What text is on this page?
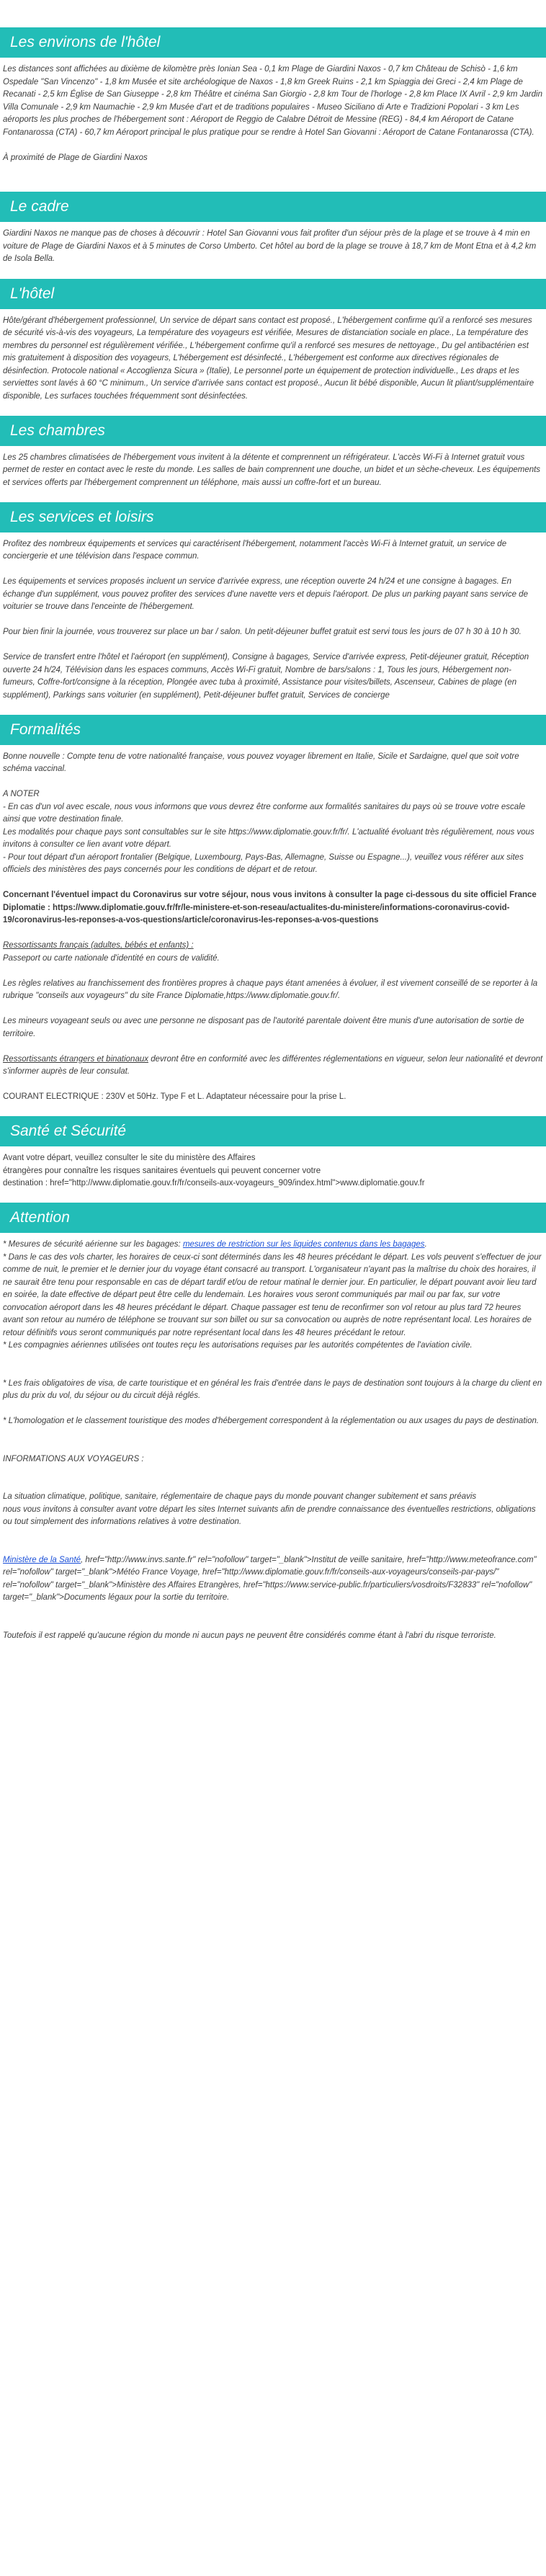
Les environs de l'hôtel

Les distances sont affichées au dixième de kilomètre près Ionian Sea - 0,1 km Plage de Giardini Naxos - 0,7 km Château de Schisò - 1,6 km Ospedale "San Vincenzo" - 1,8 km Musée et site archéologique de Naxos - 1,8 km Greek Ruins - 2,1 km Spiaggia dei Greci - 2,4 km Plage de Recanati - 2,5 km Église de San Giuseppe - 2,8 km Théâtre et cinéma San Giorgio - 2,8 km Tour de l'horloge - 2,8 km Place IX Avril - 2,9 km Jardin Villa Comunale - 2,9 km Naumachie - 2,9 km Musée d'art et de traditions populaires - Museo Siciliano di Arte e Tradizioni Popolari - 3 km Les aéroports les plus proches de l'hébergement sont : Aéroport de Reggio de Calabre Détroit de Messine (REG) - 84,4 km Aéroport de Catane Fontanarossa (CTA) - 60,7 km Aéroport principal le plus pratique pour se rendre à Hotel San Giovanni : Aéroport de Catane Fontanarossa (CTA).

À proximité de Plage de Giardini Naxos

Le cadre

Giardini Naxos ne manque pas de choses à découvrir : Hotel San Giovanni vous fait profiter d'un séjour près de la plage et se trouve à 4 min en voiture de Plage de Giardini Naxos et à 5 minutes de Corso Umberto. Cet hôtel au bord de la plage se trouve à 18,7 km de Mont Etna et à 4,2 km de Isola Bella.

L'hôtel

Hôte/gérant d'hébergement professionnel, Un service de départ sans contact est proposé., L'hébergement confirme qu'il a renforcé ses mesures de sécurité vis-à-vis des voyageurs, La température des voyageurs est vérifiée, Mesures de distanciation sociale en place., La température des membres du personnel est régulièrement vérifiée., L'hébergement confirme qu'il a renforcé ses mesures de nettoyage., Du gel antibactérien est mis gratuitement à disposition des voyageurs, L'hébergement est désinfecté., L'hébergement est conforme aux directives régionales de désinfection. Protocole national « Accoglienza Sicura » (Italie), Le personnel porte un équipement de protection individuelle., Les draps et les serviettes sont lavés à 60 °C minimum., Un service d'arrivée sans contact est proposé., Aucun lit bébé disponible, Aucun lit pliant/supplémentaire disponible, Les surfaces touchées fréquemment sont désinfectées.

Les chambres

Les 25 chambres climatisées de l'hébergement vous invitent à la détente et comprennent un réfrigérateur. L'accès Wi-Fi à Internet gratuit vous permet de rester en contact avec le reste du monde. Les salles de bain comprennent une douche, un bidet et un sèche-cheveux. Les équipements et services offerts par l'hébergement comprennent un téléphone, mais aussi un coffre-fort et un bureau.

Les services et loisirs

Profitez des nombreux équipements et services qui caractérisent l'hébergement, notamment l'accès Wi-Fi à Internet gratuit, un service de conciergerie et une télévision dans l'espace commun.

Les équipements et services proposés incluent un service d'arrivée express, une réception ouverte 24 h/24 et une consigne à bagages. En échange d'un supplément, vous pouvez profiter des services d'une navette vers et depuis l'aéroport. De plus un parking payant sans service de voiturier se trouve dans l'enceinte de l'hébergement.

Pour bien finir la journée, vous trouverez sur place un bar / salon. Un petit-déjeuner buffet gratuit est servi tous les jours de 07 h 30 à 10 h 30.

Service de transfert entre l'hôtel et l'aéroport (en supplément), Consigne à bagages, Service d'arrivée express, Petit-déjeuner gratuit, Réception ouverte 24 h/24, Télévision dans les espaces communs, Accès Wi-Fi gratuit, Nombre de bars/salons : 1, Tous les jours, Hébergement non-fumeurs, Coffre-fort/consigne à la réception, Plongée avec tuba à proximité, Assistance pour visites/billets, Ascenseur, Cabines de plage (en supplément), Parkings sans voiturier (en supplément), Petit-déjeuner buffet gratuit, Services de concierge

Formalités

Bonne nouvelle : Compte tenu de votre nationalité française, vous pouvez voyager librement en Italie, Sicile et Sardaigne, quel que soit votre schéma vaccinal.

A NOTER

- En cas d'un vol avec escale, nous vous informons que vous devrez être conforme aux formalités sanitaires du pays où se trouve votre escale ainsi que votre destination finale.

Les modalités pour chaque pays sont consultables sur le site https://www.diplomatie.gouv.fr/fr/. L'actualité évoluant très régulièrement, nous vous invitons à consulter ce lien avant votre départ.

- Pour tout départ d'un aéroport frontalier (Belgique, Luxembourg, Pays-Bas, Allemagne, Suisse ou Espagne...), veuillez vous référer aux sites officiels des ministères des pays concernés pour les conditions de départ et de retour.

Concernant l'éventuel impact du Coronavirus sur votre séjour, nous vous invitons à consulter la page ci-dessous du site officiel France Diplomatie : https://www.diplomatie.gouv.fr/fr/le-ministere-et-son-reseau/actualites-du-ministere/informations-coronavirus-covid-19/coronavirus-les-reponses-a-vos-questions/article/coronavirus-les-reponses-a-vos-questions

Ressortissants français (adultes, bébés et enfants) :

Passeport ou carte nationale d'identité en cours de validité.

Les règles relatives au franchissement des frontières propres à chaque pays étant amenées à évoluer, il est vivement conseillé de se reporter à la rubrique "conseils aux voyageurs" du site France Diplomatie,https://www.diplomatie.gouv.fr/.

Les mineurs voyageant seuls ou avec une personne ne disposant pas de l'autorité parentale doivent être munis d'une autorisation de sortie de territoire.

Ressortissants étrangers et binationaux devront être en conformité avec les différentes réglementations en vigueur, selon leur nationalité et devront s'informer auprès de leur consulat.

COURANT ELECTRIQUE : 230V et 50Hz. Type F et L. Adaptateur nécessaire pour la prise L.

Santé et Sécurité

Avant votre départ, veuillez consulter le site du ministère des Affaires

étrangères pour connaître les risques sanitaires éventuels qui peuvent concerner votre

destination : href="http://www.diplomatie.gouv.fr/fr/conseils-aux-voyageurs_909/index.html">www.diplomatie.gouv.fr

Attention

* Mesures de sécurité aérienne sur les bagages: mesures de restriction sur les liquides contenus dans les bagages.

* Dans le cas des vols charter, les horaires de ceux-ci sont déterminés dans les 48 heures précédant le départ. Les vols peuvent s'effectuer de jour comme de nuit, le premier et le dernier jour du voyage étant consacré au transport. L'organisateur n'ayant pas la maîtrise du choix des horaires, il ne saurait être tenu pour responsable en cas de départ tardif et/ou de retour matinal le dernier jour. En particulier, le départ pouvant avoir lieu tard en soirée, la date effective de départ peut être celle du lendemain. Les horaires vous seront communiqués par mail ou par fax, sur votre convocation aéroport dans les 48 heures précédant le départ. Chaque passager est tenu de reconfirmer son vol retour au plus tard 72 heures avant son retour au numéro de téléphone se trouvant sur son billet ou sur sa convocation ou auprès de notre représentant local. Les horaires de retour définitifs vous seront communiqués par notre représentant local dans les 48 heures précédant le retour.

* Les compagnies aériennes utilisées ont toutes reçu les autorisations requises par les autorités compétentes de l'aviation civile.

* Les frais obligatoires de visa, de carte touristique et en général les frais d'entrée dans le pays de destination sont toujours à la charge du client en plus du prix du vol, du séjour ou du circuit déjà réglés.

* L'homologation et le classement touristique des modes d'hébergement correspondent à la réglementation ou aux usages du pays de destination.

INFORMATIONS AUX VOYAGEURS :

La situation climatique, politique, sanitaire, réglementaire de chaque pays du monde pouvant changer subitement et sans préavis

nous vous invitons à consulter avant votre départ les sites Internet suivants afin de prendre connaissance des éventuelles restrictions, obligations ou tout simplement des informations relatives à votre destination.

Ministère de la Santé, href="http://www.invs.sante.fr" rel="nofollow" target="_blank">Institut de veille sanitaire, href="http://www.meteofrance.com" rel="nofollow" target="_blank">Météo France Voyage, href="http://www.diplomatie.gouv.fr/fr/conseils-aux-voyageurs/conseils-par-pays/" rel="nofollow" target="_blank">Ministère des Affaires Etrangères, href="https://www.service-public.fr/particuliers/vosdroits/F32833" rel="nofollow" target="_blank">Documents légaux pour la sortie du territoire.

Toutefois il est rappelé qu'aucune région du monde ni aucun pays ne peuvent être considérés comme étant à l'abri du risque terroriste.
